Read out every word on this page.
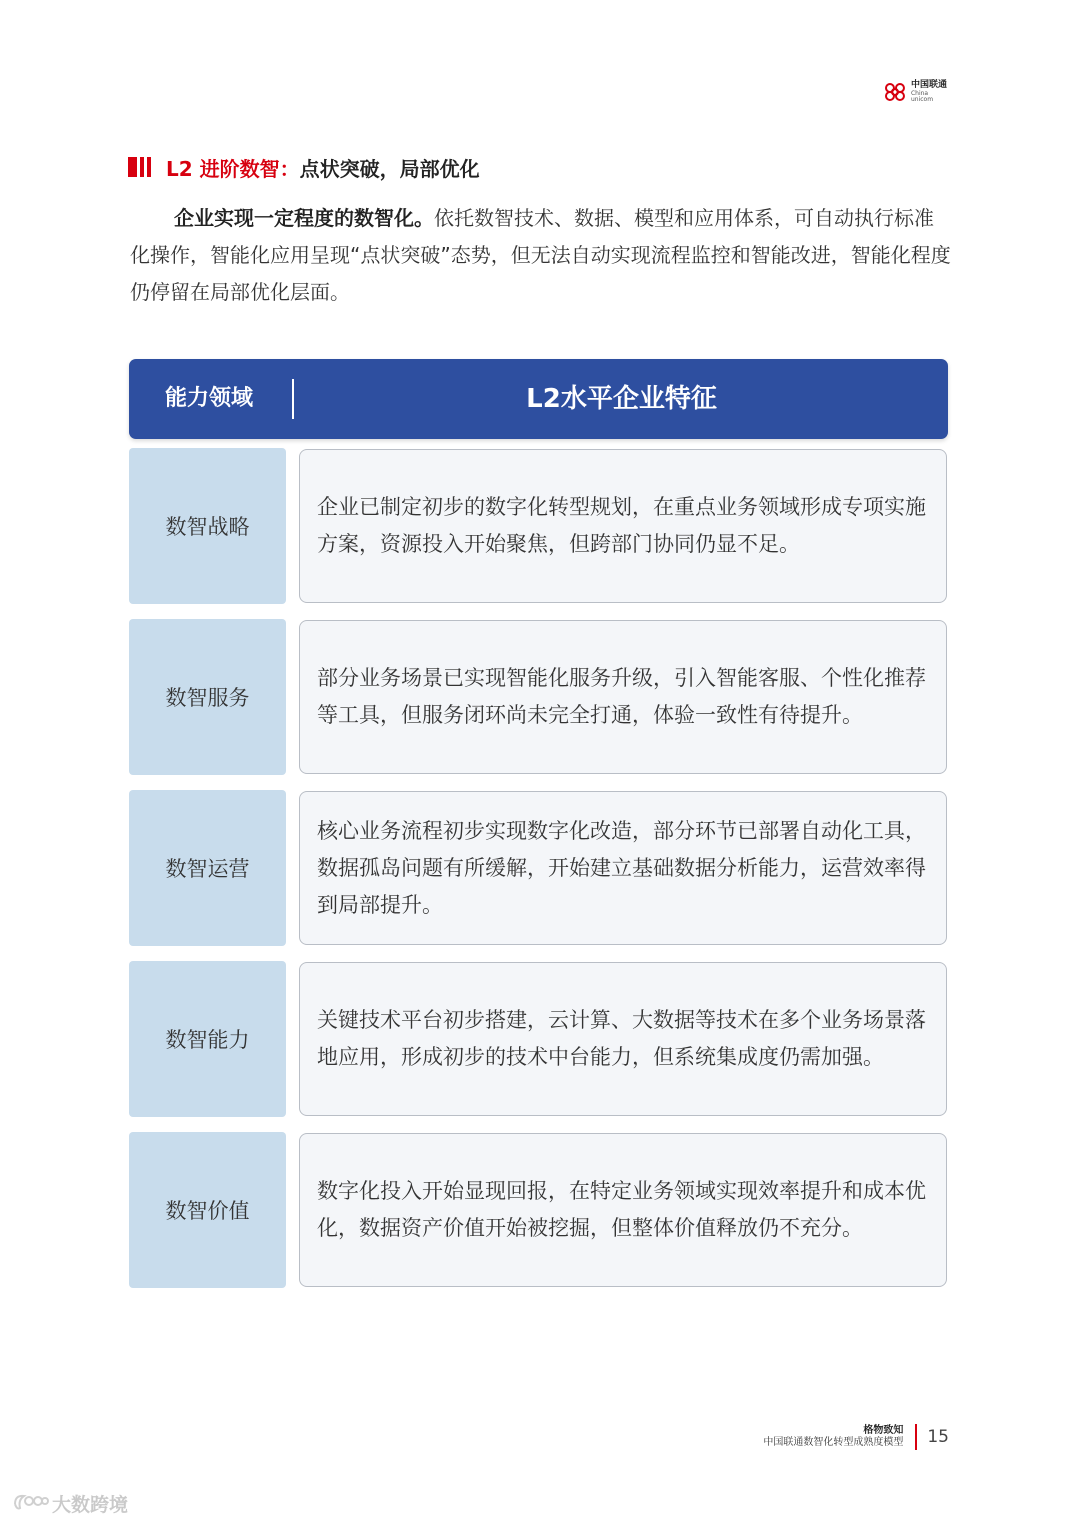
中国联通
China unicom
L2 进阶数智： 点状突破，局部优化

企业实现一定程度的数智化。依托数智技术、数据、模型和应用体系，可自动执行标准化操作，智能化应用呈现“点状突破”态势，但无法自动实现流程监控和智能改进，智能化程度仍停留在局部优化层面。

能力领域	L2水平企业特征
数智战略
企业已制定初步的数字化转型规划，在重点业务领域形成专项实施方案，资源投入开始聚焦，但跨部门协同仍显不足。
数智服务
部分业务场景已实现智能化服务升级，引入智能客服、个性化推荐等工具，但服务闭环尚未完全打通，体验一致性有待提升。
数智运营
核心业务流程初步实现数字化改造，部分环节已部署自动化工具，数据孤岛问题有所缓解，开始建立基础数据分析能力，运营效率得到局部提升。
数智能力
关键技术平台初步搭建，云计算、大数据等技术在多个业务场景落地应用，形成初步的技术中台能力，但系统集成度仍需加强。
数智价值
数字化投入开始显现回报，在特定业务领域实现效率提升和成本优化，数据资产价值开始被挖掘，但整体价值释放仍不充分。
格物致知
中国联通数智化转型成熟度模型 15
大数跨境
